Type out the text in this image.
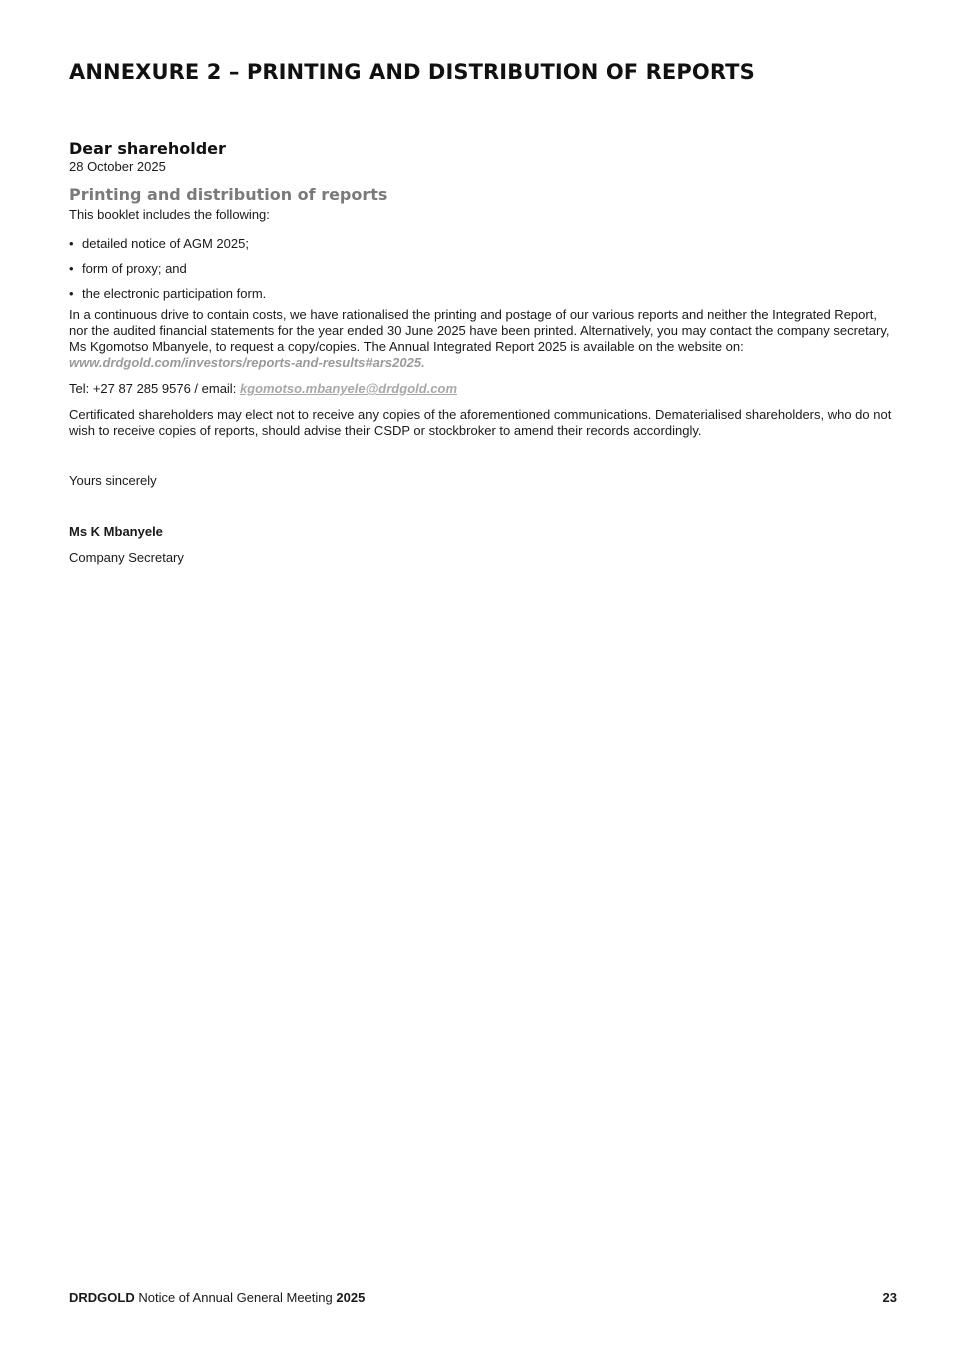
ANNEXURE 2 – PRINTING AND DISTRIBUTION OF REPORTS

Dear shareholder

28 October 2025

Printing and distribution of reports

This booklet includes the following:

• detailed notice of AGM 2025;
• form of proxy; and
• the electronic participation form.

In a continuous drive to contain costs, we have rationalised the printing and postage of our various reports and neither the Integrated Report, nor the audited financial statements for the year ended 30 June 2025 have been printed. Alternatively, you may contact the company secretary, Ms Kgomotso Mbanyele, to request a copy/copies. The Annual Integrated Report 2025 is available on the website on: www.drdgold.com/investors/reports-and-results#ars2025.

Tel: +27 87 285 9576 / email: kgomotso.mbanyele@drdgold.com

Certificated shareholders may elect not to receive any copies of the aforementioned communications. Dematerialised shareholders, who do not wish to receive copies of reports, should advise their CSDP or stockbroker to amend their records accordingly.

Yours sincerely

Ms K Mbanyele

Company Secretary

DRDGOLD Notice of Annual General Meeting 2025	23
